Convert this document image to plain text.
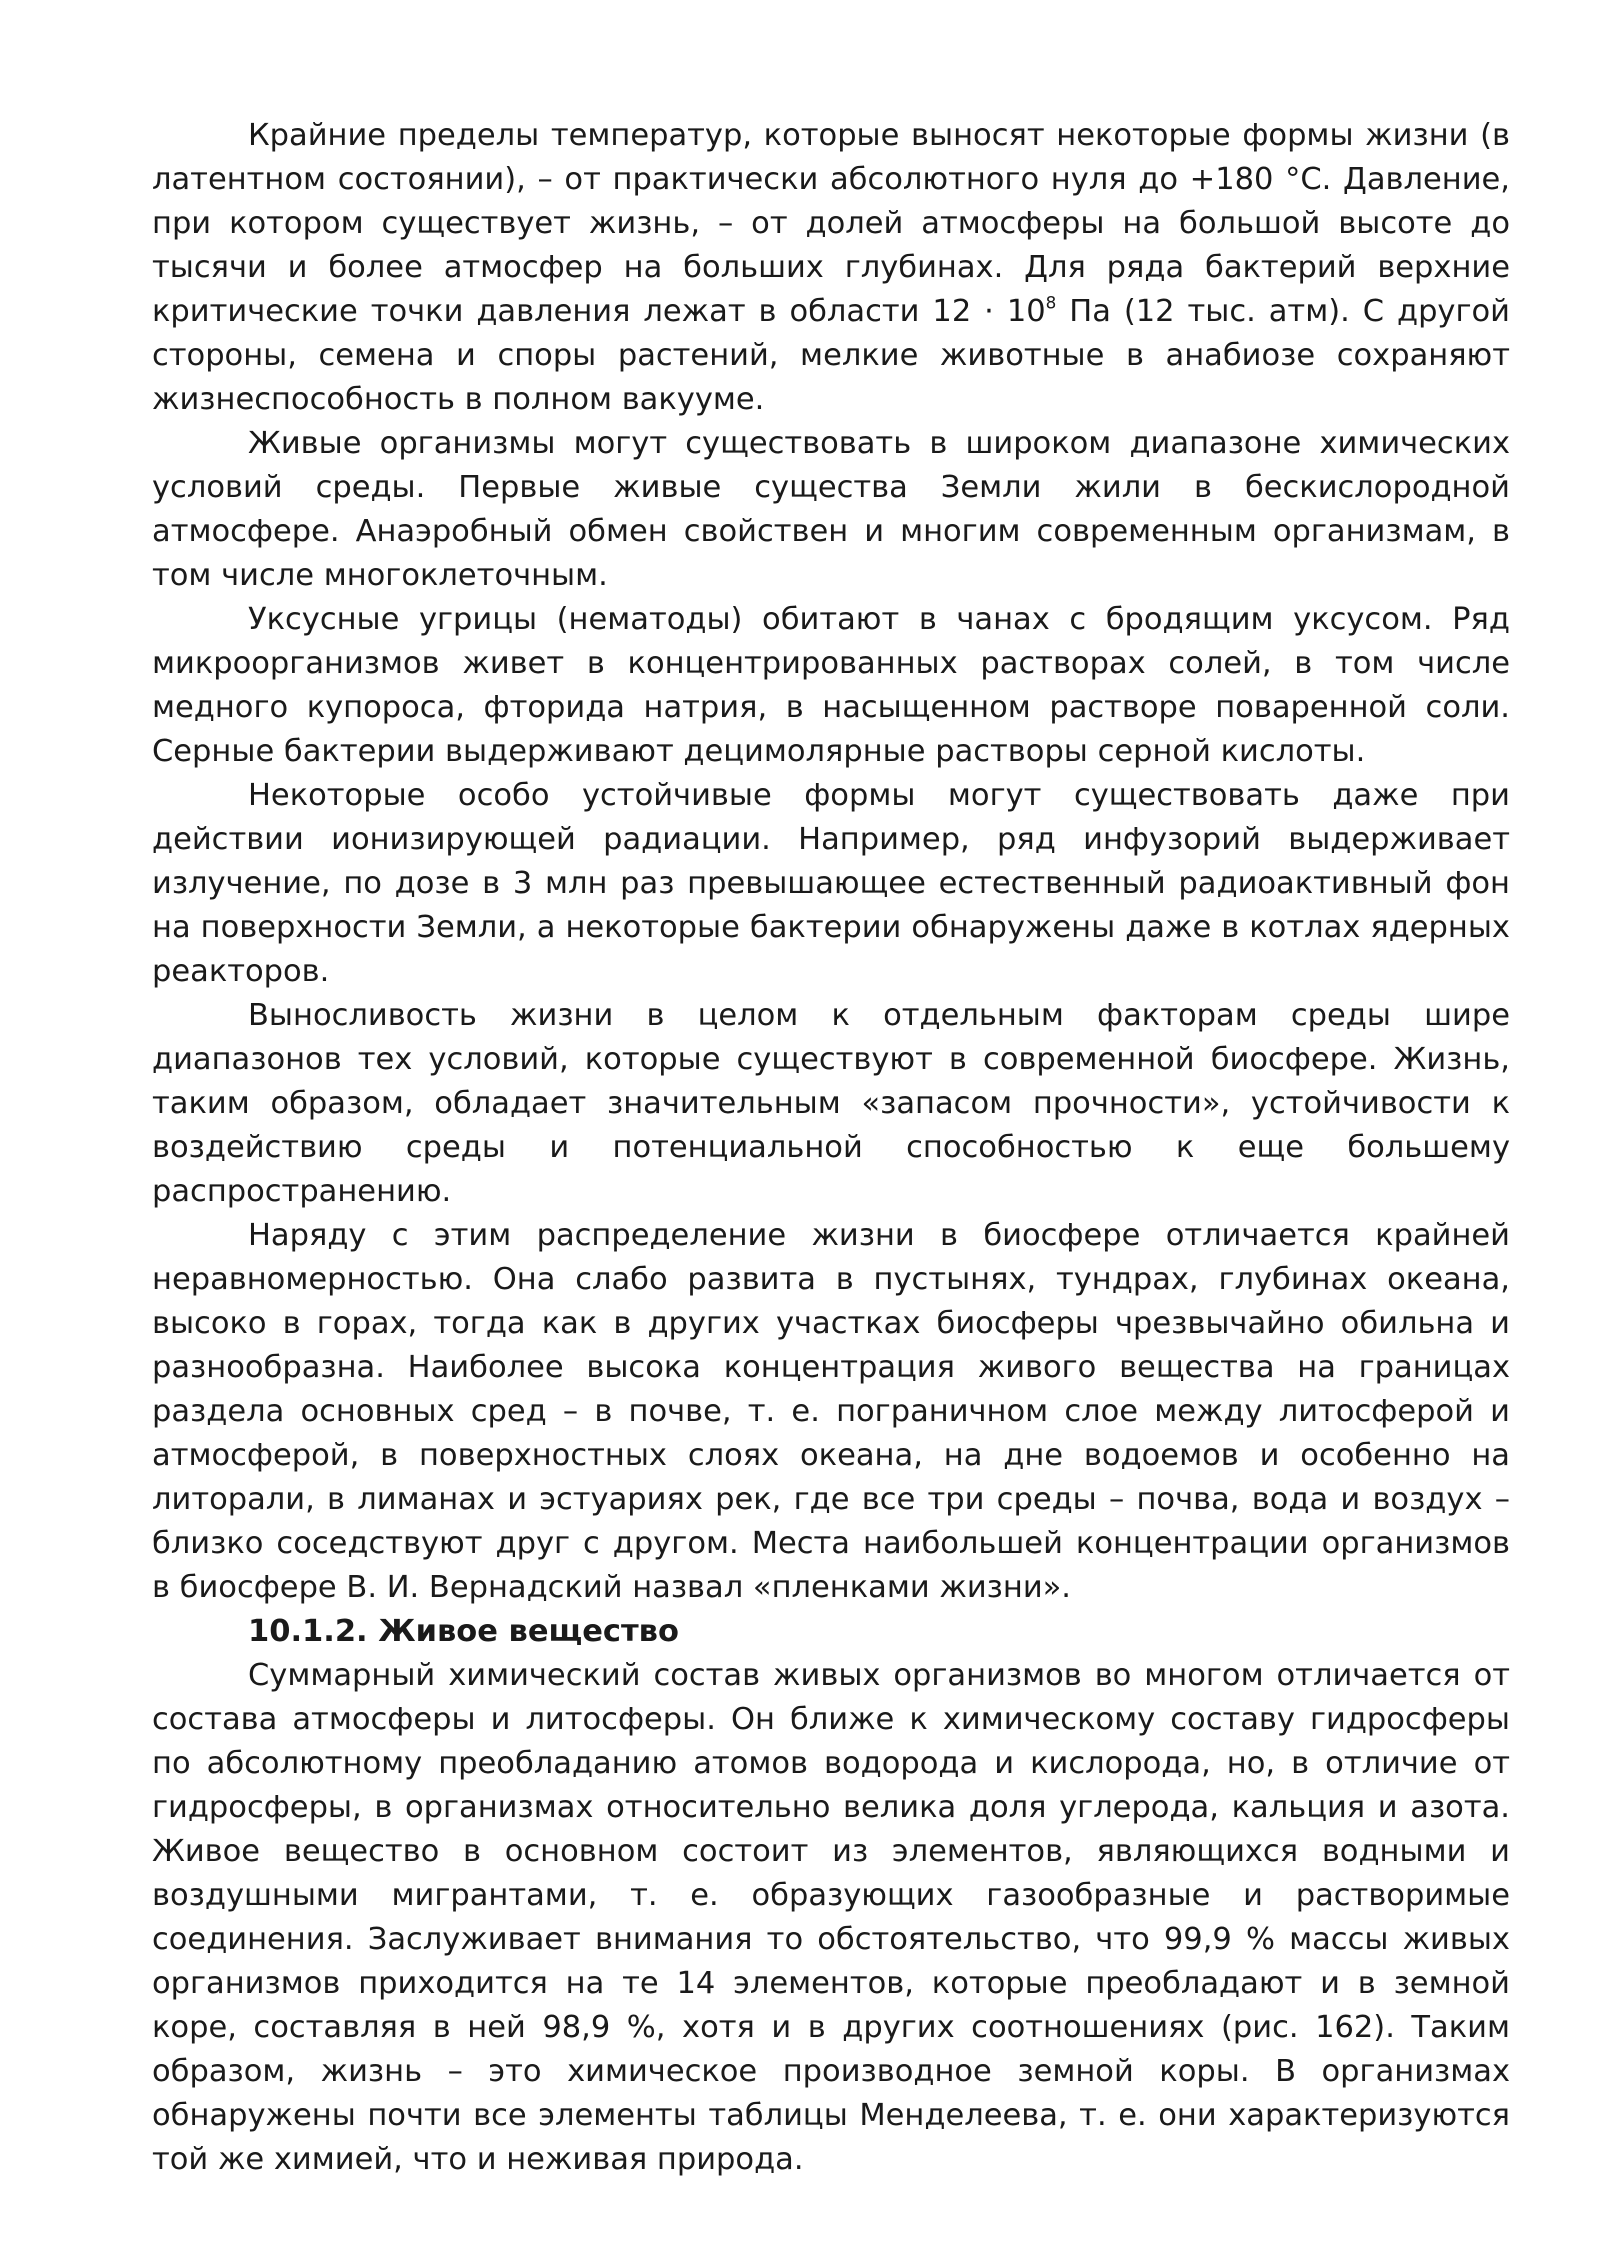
Крайние пределы температур, которые выносят некоторые формы жизни (в латентном состоянии), – от практически абсолютного нуля до +180 °C. Давление, при котором существует жизнь, – от долей атмосферы на большой высоте до тысячи и более атмосфер на больших глубинах. Для ряда бактерий верхние критические точки давления лежат в области $12 \cdot 10^8$ Па (12 тыс. атм). С другой стороны, семена и споры растений, мелкие животные в анабиозе сохраняют жизнеспособность в полном вакууме.

Живые организмы могут существовать в широком диапазоне химических условий среды. Первые живые существа Земли жили в бескислородной атмосфере. Анаэробный обмен свойствен и многим современным организмам, в том числе многоклеточным.

Уксусные угрицы (нематоды) обитают в чанах с бродящим уксусом. Ряд микроорганизмов живет в концентрированных растворах солей, в том числе медного купороса, фторида натрия, в насыщенном растворе поваренной соли. Серные бактерии выдерживают децимолярные растворы серной кислоты.

Некоторые особо устойчивые формы могут существовать даже при действии ионизирующей радиации. Например, ряд инфузорий выдерживает излучение, по дозе в 3 млн раз превышающее естественный радиоактивный фон на поверхности Земли, а некоторые бактерии обнаружены даже в котлах ядерных реакторов.

Выносливость жизни в целом к отдельным факторам среды шире диапазонов тех условий, которые существуют в современной биосфере. Жизнь, таким образом, обладает значительным «запасом прочности», устойчивости к воздействию среды и потенциальной способностью к еще большему распространению.

Наряду с этим распределение жизни в биосфере отличается крайней неравномерностью. Она слабо развита в пустынях, тундрах, глубинах океана, высоко в горах, тогда как в других участках биосферы чрезвычайно обильна и разнообразна. Наиболее высока концентрация живого вещества на границах раздела основных сред – в почве, т. е. пограничном слое между литосферой и атмосферой, в поверхностных слоях океана, на дне водоемов и особенно на литорали, в лиманах и эстуариях рек, где все три среды – почва, вода и воздух – близко соседствуют друг с другом. Места наибольшей концентрации организмов в биосфере В. И. Вернадский назвал «пленками жизни».

10.1.2. Живое вещество

Суммарный химический состав живых организмов во многом отличается от состава атмосферы и литосферы. Он ближе к химическому составу гидросферы по абсолютному преобладанию атомов водорода и кислорода, но, в отличие от гидросферы, в организмах относительно велика доля углерода, кальция и азота. Живое вещество в основном состоит из элементов, являющихся водными и воздушными мигрантами, т. е. образующих газообразные и растворимые соединения. Заслуживает внимания то обстоятельство, что 99,9 % массы живых организмов приходится на те 14 элементов, которые преобладают и в земной коре, составляя в ней 98,9 %, хотя и в других соотношениях (рис. 162). Таким образом, жизнь – это химическое производное земной коры. В организмах обнаружены почти все элементы таблицы Менделеева, т. е. они характеризуются той же химией, что и неживая природа.
